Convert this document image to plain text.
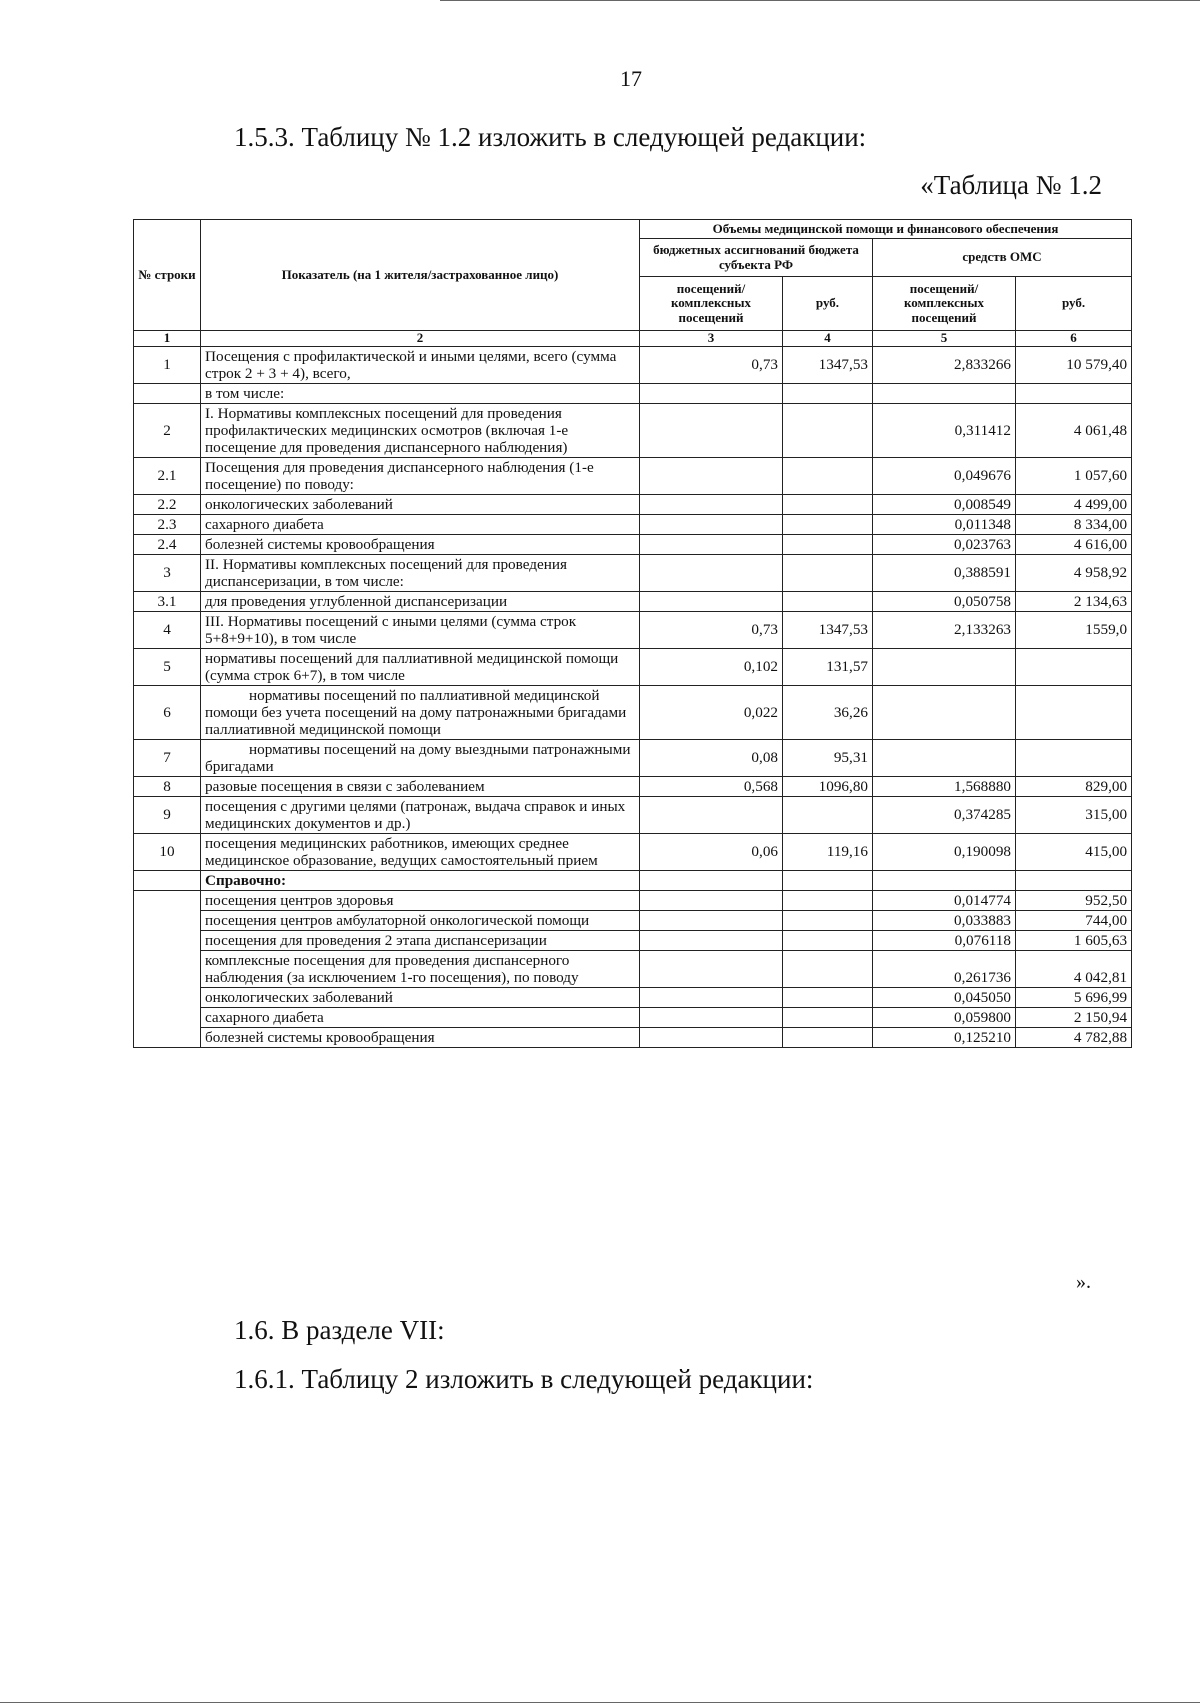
17
1.5.3. Таблицу № 1.2 изложить в следующей редакции:
«Таблица № 1.2
№ строки	Показатель (на 1 жителя/застрахованное лицо)	Объемы медицинской помощи и финансового обеспечения			
		бюджетных ассигнований бюджета субъекта РФ		средств ОМС	
		посещений/ комплексных посещений	руб.	посещений/ комплексных посещений	руб.
1	2	3	4	5	6
1	Посещения с профилактической и иными целями, всего (сумма строк 2 + 3 + 4), всего,	0,73	1347,53	2,833266	10 579,40
	в том числе:				
2	I. Нормативы комплексных посещений для проведения профилактических медицинских осмотров (включая 1-е посещение для проведения диспансерного наблюдения)			0,311412	4 061,48
2.1	Посещения для проведения диспансерного наблюдения (1-е посещение) по поводу:			0,049676	1 057,60
2.2	онкологических заболеваний			0,008549	4 499,00
2.3	сахарного диабета			0,011348	8 334,00
2.4	болезней системы кровообращения			0,023763	4 616,00
3	II. Нормативы комплексных посещений для проведения диспансеризации, в том числе:			0,388591	4 958,92
3.1	для проведения углубленной диспансеризации			0,050758	2 134,63
4	III. Нормативы посещений с иными целями (сумма строк 5+8+9+10), в том числе	0,73	1347,53	2,133263	1559,0
5	нормативы посещений для паллиативной медицинской помощи (сумма строк 6+7), в том числе	0,102	131,57		
6	нормативы посещений по паллиативной медицинской помощи без учета посещений на дому патронажными бригадами паллиативной медицинской помощи	0,022	36,26		
7	нормативы посещений на дому выездными патронажными бригадами	0,08	95,31		
8	разовые посещения в связи с заболеванием	0,568	1096,80	1,568880	829,00
9	посещения с другими целями (патронаж, выдача справок и иных медицинских документов и др.)			0,374285	315,00
10	посещения медицинских работников, имеющих среднее медицинское образование, ведущих самостоятельный прием	0,06	119,16	0,190098	415,00
	Справочно:				
	посещения центров здоровья			0,014774	952,50
	посещения центров амбулаторной онкологической помощи			0,033883	744,00
	посещения для проведения 2 этапа диспансеризации			0,076118	1 605,63
	комплексные посещения для проведения диспансерного наблюдения (за исключением 1-го посещения), по поводу			0,261736	4 042,81
	онкологических заболеваний			0,045050	5 696,99
	сахарного диабета			0,059800	2 150,94
	болезней системы кровообращения			0,125210	4 782,88
».
1.6. В разделе VII:
1.6.1. Таблицу 2 изложить в следующей редакции:
